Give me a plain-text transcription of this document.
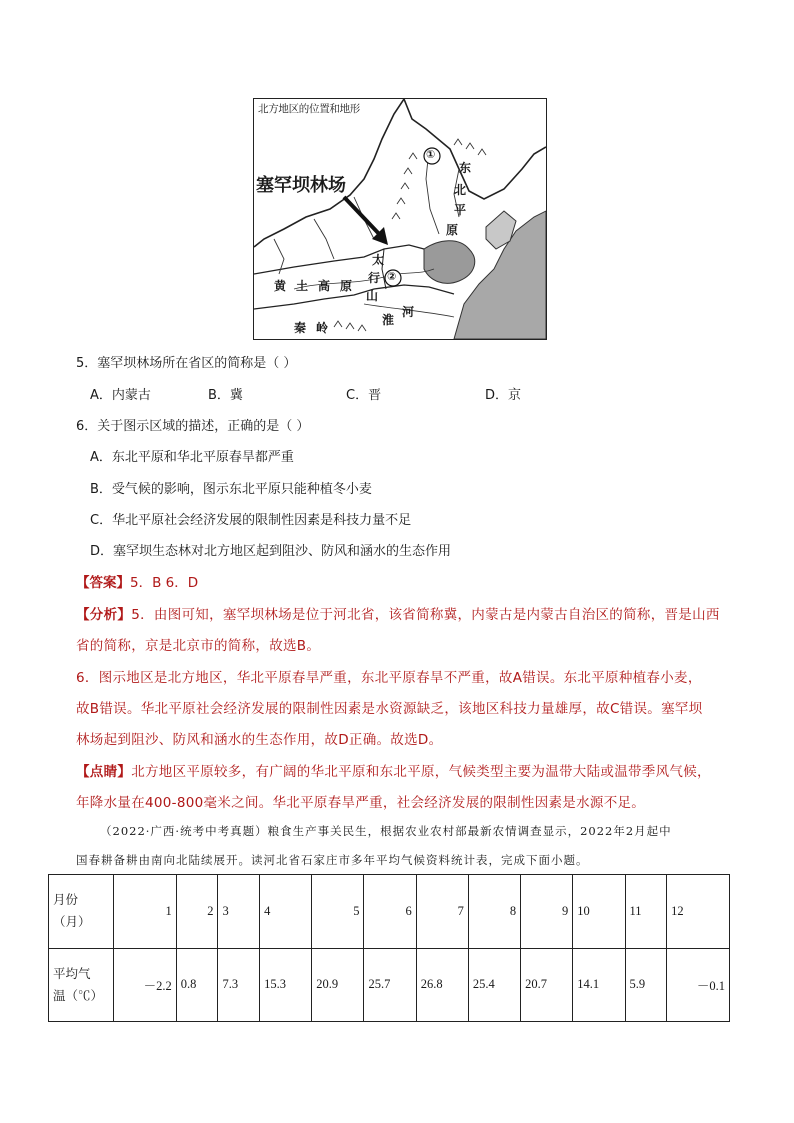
北方地区的位置和地形
塞罕坝林场
①
②
东
北
平
原
太
行
山
黄 土 高 原
秦 岭
淮
河
5．塞罕坝林场所在省区的简称是（ ）
A．内蒙古	B．冀	C．晋	D．京
6．关于图示区域的描述，正确的是（ ）
A．东北平原和华北平原春旱都严重
B．受气候的影响，图示东北平原只能种植冬小麦
C．华北平原社会经济发展的限制性因素是科技力量不足
D．塞罕坝生态林对北方地区起到阻沙、防风和涵水的生态作用
【答案】5．B 6．D
【分析】5．由图可知，塞罕坝林场是位于河北省，该省简称冀，内蒙古是内蒙古自治区的简称，晋是山西
省的简称，京是北京市的简称，故选B。
6．图示地区是北方地区，华北平原春旱严重，东北平原春旱不严重，故A错误。东北平原种植春小麦，
故B错误。华北平原社会经济发展的限制性因素是水资源缺乏，该地区科技力量雄厚，故C错误。塞罕坝
林场起到阻沙、防风和涵水的生态作用，故D正确。故选D。
【点睛】北方地区平原较多，有广阔的华北平原和东北平原，气候类型主要为温带大陆或温带季风气候，
年降水量在400-800毫米之间。华北平原春旱严重，社会经济发展的限制性因素是水源不足。
（2022·广西·统考中考真题）粮食生产事关民生，根据农业农村部最新农情调查显示，2022年2月起中
国春耕备耕由南向北陆续展开。读河北省石家庄市多年平均气候资料统计表，完成下面小题。
月份
（月）	1	2	3	4	5	6	7	8	9	10	11	12
平均气
温（℃）	－2.2	0.8	7.3	15.3	20.9	25.7	26.8	25.4	20.7	14.1	5.9	－0.1
